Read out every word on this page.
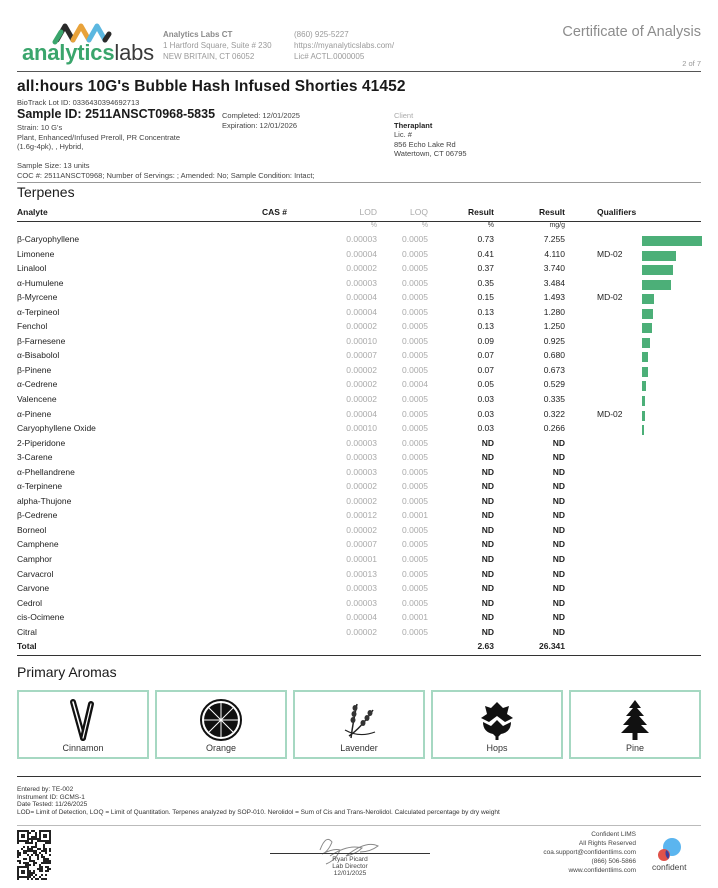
analyticslabs
Analytics Labs CT
1 Hartford Square, Suite # 230
NEW BRITAIN, CT 06052
(860) 925-5227
https://myanalyticslabs.com/
Lic# ACTL.0000005
Certificate of Analysis
2 of 7
all:hours 10G's Bubble Hash Infused Shorties 41452
BioTrack Lot ID: 0336430394692713
Sample ID: 2511ANSCT0968-5835 Completed: 12/01/2025
Expiration: 12/01/2026
Strain: 10 G's
Plant, Enhanced/Infused Preroll, PR Concentrate
(1.6g-4pk), , Hybrid,
Sample Size: 13 units
COC #: 2511ANSCT0968; Number of Servings: ; Amended: No; Sample Condition: Intact;
Client
Theraplant
Lic. #
856 Echo Lake Rd
Watertown, CT 06795
Terpenes
Analyte	CAS #	LOD	LOQ	Result	Result	Qualifiers
%	%	%	mg/g
β-Caryophyllene	0.00003	0.0005	0.73	7.255
Limonene	0.00004	0.0005	0.41	4.110	MD-02
Linalool	0.00002	0.0005	0.37	3.740
α-Humulene	0.00003	0.0005	0.35	3.484
β-Myrcene	0.00004	0.0005	0.15	1.493	MD-02
α-Terpineol	0.00004	0.0005	0.13	1.280
Fenchol	0.00002	0.0005	0.13	1.250
β-Farnesene	0.00010	0.0005	0.09	0.925
α-Bisabolol	0.00007	0.0005	0.07	0.680
β-Pinene	0.00002	0.0005	0.07	0.673
α-Cedrene	0.00002	0.0004	0.05	0.529
Valencene	0.00002	0.0005	0.03	0.335
α-Pinene	0.00004	0.0005	0.03	0.322	MD-02
Caryophyllene Oxide	0.00010	0.0005	0.03	0.266
2-Piperidone	0.00003	0.0005	ND	ND
3-Carene	0.00003	0.0005	ND	ND
α-Phellandrene	0.00003	0.0005	ND	ND
α-Terpinene	0.00002	0.0005	ND	ND
alpha-Thujone	0.00002	0.0005	ND	ND
β-Cedrene	0.00012	0.0001	ND	ND
Borneol	0.00002	0.0005	ND	ND
Camphene	0.00007	0.0005	ND	ND
Camphor	0.00001	0.0005	ND	ND
Carvacrol	0.00013	0.0005	ND	ND
Carvone	0.00003	0.0005	ND	ND
Cedrol	0.00003	0.0005	ND	ND
cis-Ocimene	0.00004	0.0001	ND	ND
Citral	0.00002	0.0005	ND	ND
Total	2.63	26.341
Primary Aromas
Cinnamon	Orange	Lavender	Hops	Pine
Entered by: TE-002
Instrument ID: GCMS-1
Date Tested: 11/26/2025
LOD= Limit of Detection, LOQ = Limit of Quantitation. Terpenes analyzed by SOP-010. Nerolidol = Sum of Cis and Trans-Nerolidol. Calculated percentage by dry weight
Ryan Picard
Lab Director
12/01/2025
Confident LIMS
All Rights Reserved
coa.support@confidentlims.com
(866) 506-5866
www.confidentlims.com confident
